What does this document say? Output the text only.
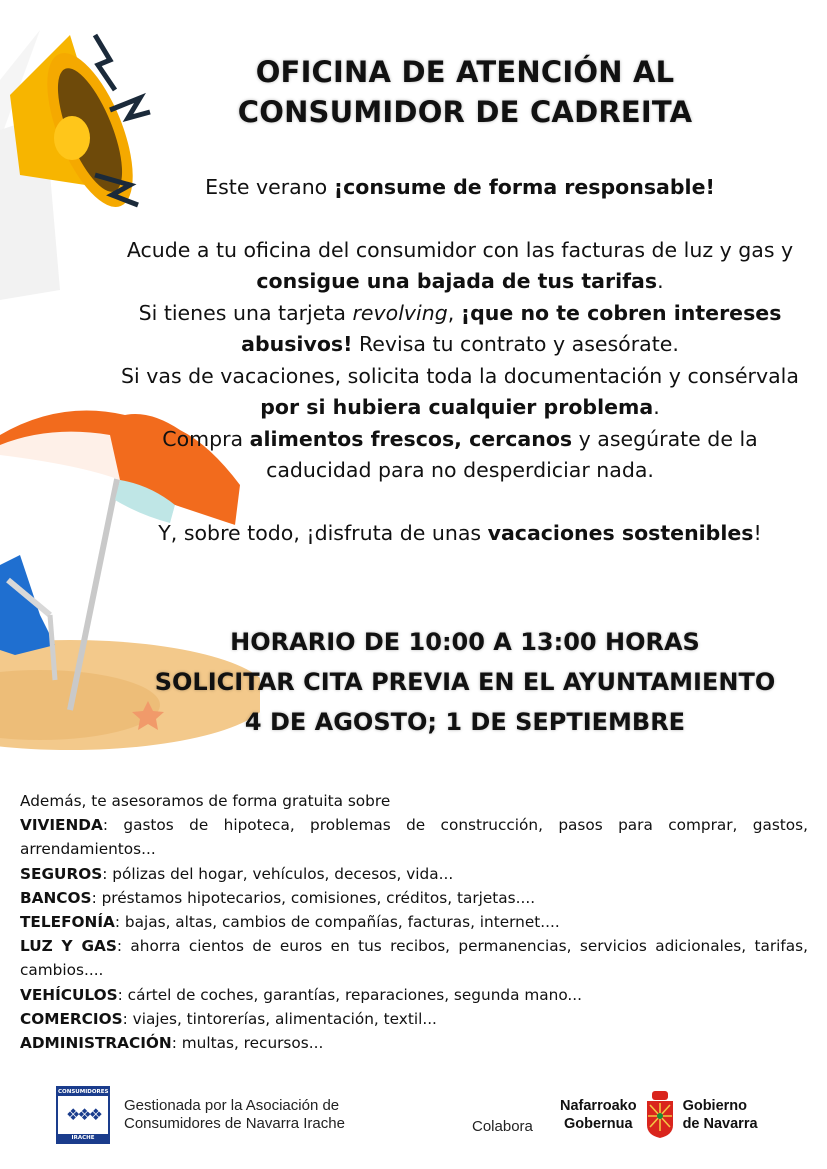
OFICINA DE ATENCIÓN AL
CONSUMIDOR DE CADREITA

Este verano ¡consume de forma responsable!

Acude a tu oficina del consumidor con las facturas de luz y gas y consigue una bajada de tus tarifas.

Si tienes una tarjeta revolving, ¡que no te cobren intereses abusivos! Revisa tu contrato y asesórate.

Si vas de vacaciones, solicita toda la documentación y consérvala por si hubiera cualquier problema.

Compra alimentos frescos, cercanos y asegúrate de la caducidad para no desperdiciar nada.

Y, sobre todo, ¡disfruta de unas vacaciones sostenibles!

HORARIO DE 10:00 A 13:00 HORAS
SOLICITAR CITA PREVIA EN EL AYUNTAMIENTO
4 DE AGOSTO; 1 DE SEPTIEMBRE

Además, te asesoramos de forma gratuita sobre

VIVIENDA: gastos de hipoteca, problemas de construcción, pasos para comprar, gastos, arrendamientos...

SEGUROS: pólizas del hogar, vehículos, decesos, vida...

BANCOS: préstamos hipotecarios, comisiones, créditos, tarjetas....

TELEFONÍA: bajas, altas, cambios de compañías, facturas, internet....

LUZ Y GAS: ahorra cientos de euros en tus recibos, permanencias, servicios adicionales, tarifas, cambios....

VEHÍCULOS: cártel de coches, garantías, reparaciones, segunda mano...

COMERCIOS: viajes, tintorerías, alimentación, textil...

ADMINISTRACIÓN: multas, recursos...

CONSUMIDORES
❖❖❖
IRACHE
Gestionada por la Asociación de
Consumidores de Navarra Irache	Colabora
Nafarroako
Gobernua
Gobierno
de Navarra
